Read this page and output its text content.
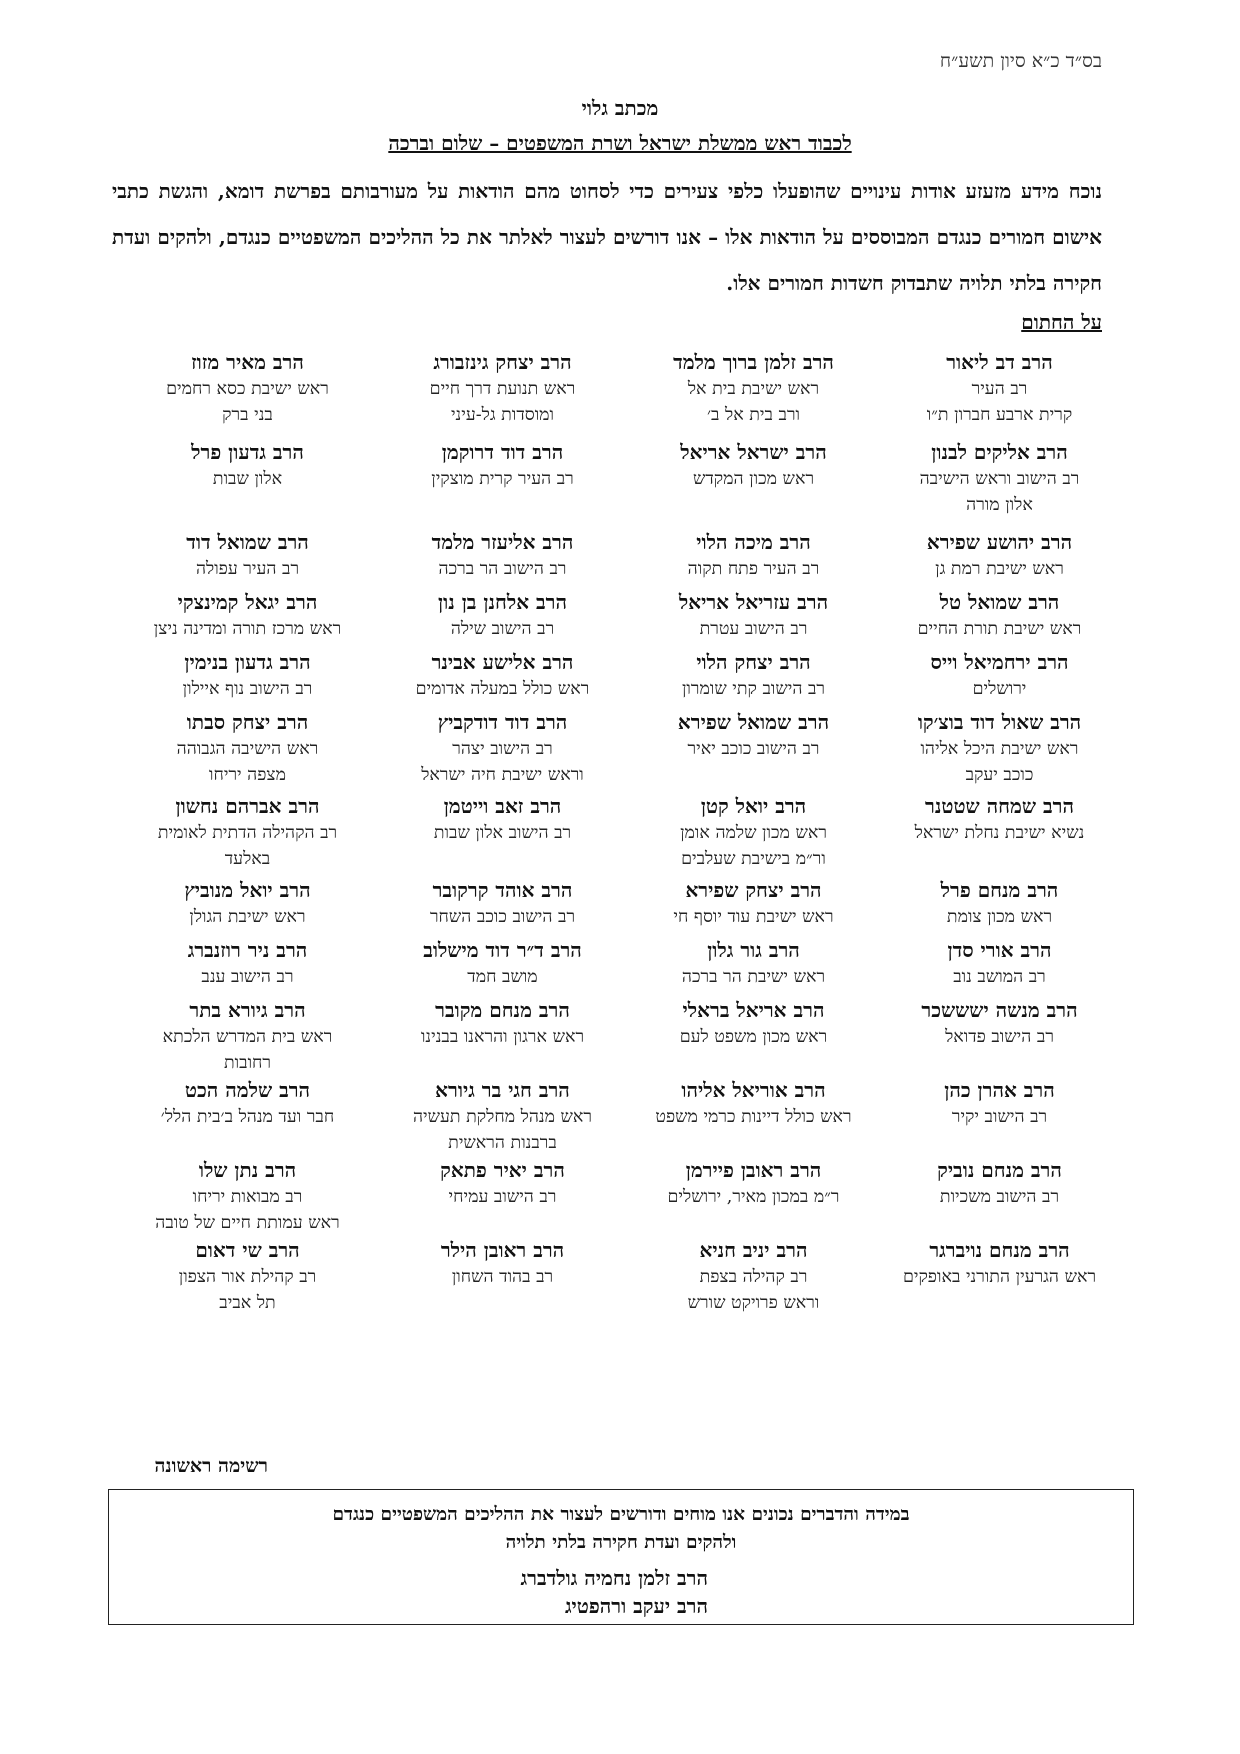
בס״ד כ״א סיון תשע״ח
מכתב גלוי
לכבוד ראש ממשלת ישראל ושרת המשפטים – שלום וברכה
נוכח מידע מזעזע אודות עינויים שהופעלו כלפי צעירים כדי לסחוט מהם הודאות על מעורבותם בפרשת דומא, והגשת כתבי אישום חמורים כנגדם המבוססים על הודאות אלו – אנו דורשים לעצור לאלתר את כל ההליכים המשפטיים כנגדם, ולהקים ועדת חקירה בלתי תלויה שתבדוק חשדות חמורים אלו.
על החתום
הרב דב ליאור
רב העיר
קרית ארבע חברון ת״ו
הרב זלמן ברוך מלמד
ראש ישיבת בית אל
ורב בית אל ב׳
הרב יצחק גינזבורג
ראש תנועת דרך חיים
ומוסדות גל-עיני
הרב מאיר מזוז
ראש ישיבת כסא רחמים
בני ברק
הרב אליקים לבנון
רב הישוב וראש הישיבה
אלון מורה
הרב ישראל אריאל
ראש מכון המקדש
הרב דוד דרוקמן
רב העיר קרית מוצקין
הרב גדעון פרל
אלון שבות
הרב יהושע שפירא
ראש ישיבת רמת גן
הרב מיכה הלוי
רב העיר פתח תקוה
הרב אליעזר מלמד
רב הישוב הר ברכה
הרב שמואל דוד
רב העיר עפולה
הרב שמואל טל
ראש ישיבת תורת החיים
הרב עזריאל אריאל
רב הישוב עטרת
הרב אלחנן בן נון
רב הישוב שילה
הרב יגאל קמינצקי
ראש מרכז תורה ומדינה ניצן
הרב ירחמיאל וייס
ירושלים
הרב יצחק הלוי
רב הישוב קתי שומרון
הרב אלישע אבינר
ראש כולל במעלה אדומים
הרב גדעון בנימין
רב הישוב נוף איילון
הרב שאול דוד בוצ׳קו
ראש ישיבת היכל אליהו
כוכב יעקב
הרב שמואל שפירא
רב הישוב כוכב יאיר
הרב דוד דודקביץ
רב הישוב יצהר
וראש ישיבת חיה ישראל
הרב יצחק סבתו
ראש הישיבה הגבוהה
מצפה יריחו
הרב שמחה שטטנר
נשיא ישיבת נחלת ישראל
הרב יואל קטן
ראש מכון שלמה אומן
ור״מ בישיבת שעלבים
הרב זאב וייטמן
רב הישוב אלון שבות
הרב אברהם נחשון
רב הקהילה הדתית לאומית
באלעד
הרב מנחם פרל
ראש מכון צומת
הרב יצחק שפירא
ראש ישיבת עוד יוסף חי
הרב אוהד קרקובר
רב הישוב כוכב השחר
הרב יואל מנוביץ
ראש ישיבת הגולן
הרב אורי סדן
רב המושב נוב
הרב גור גלון
ראש ישיבת הר ברכה
הרב ד״ר דוד מישלוב
מושב חמד
הרב ניר רוזנברג
רב הישוב ענב
הרב מנשה ישששכר
רב הישוב פדואל
הרב אריאל בראלי
ראש מכון משפט לעם
הרב מנחם מקובר
ראש ארגון והראנו בבנינו
הרב גיורא בתר
ראש בית המדרש הלכתא
רחובות
הרב אהרן כהן
רב הישוב יקיר
הרב אוריאל אליהו
ראש כולל דיינות כרמי משפט
הרב חגי בר גיורא
ראש מנהל מחלקת תעשיה
ברבנות הראשית
הרב שלמה הכט
חבר ועד מנהל ב׳בית הלל׳
הרב מנחם נוביק
רב הישוב משכיות
הרב ראובן פיירמן
ר״מ במכון מאיר, ירושלים
הרב יאיר פתאק
רב הישוב עמיחי
הרב נתן שלו
רב מבואות יריחו
ראש עמותת חיים של טובה
הרב מנחם נויברגר
ראש הגרעין התורני באופקים
הרב יניב חניא
רב קהילה בצפת
וראש פרויקט שורש
הרב ראובן הילר
רב בהוד השחון
הרב שי דאום
רב קהילת אור הצפון
תל אביב
רשימה ראשונה
במידה והדברים נכונים אנו מוחים ודורשים לעצור את ההליכים המשפטיים כנגדם
ולהקים ועדת חקירה בלתי תלויה
הרב זלמן נחמיה גולדברג
הרב יעקב ורהפטיג
